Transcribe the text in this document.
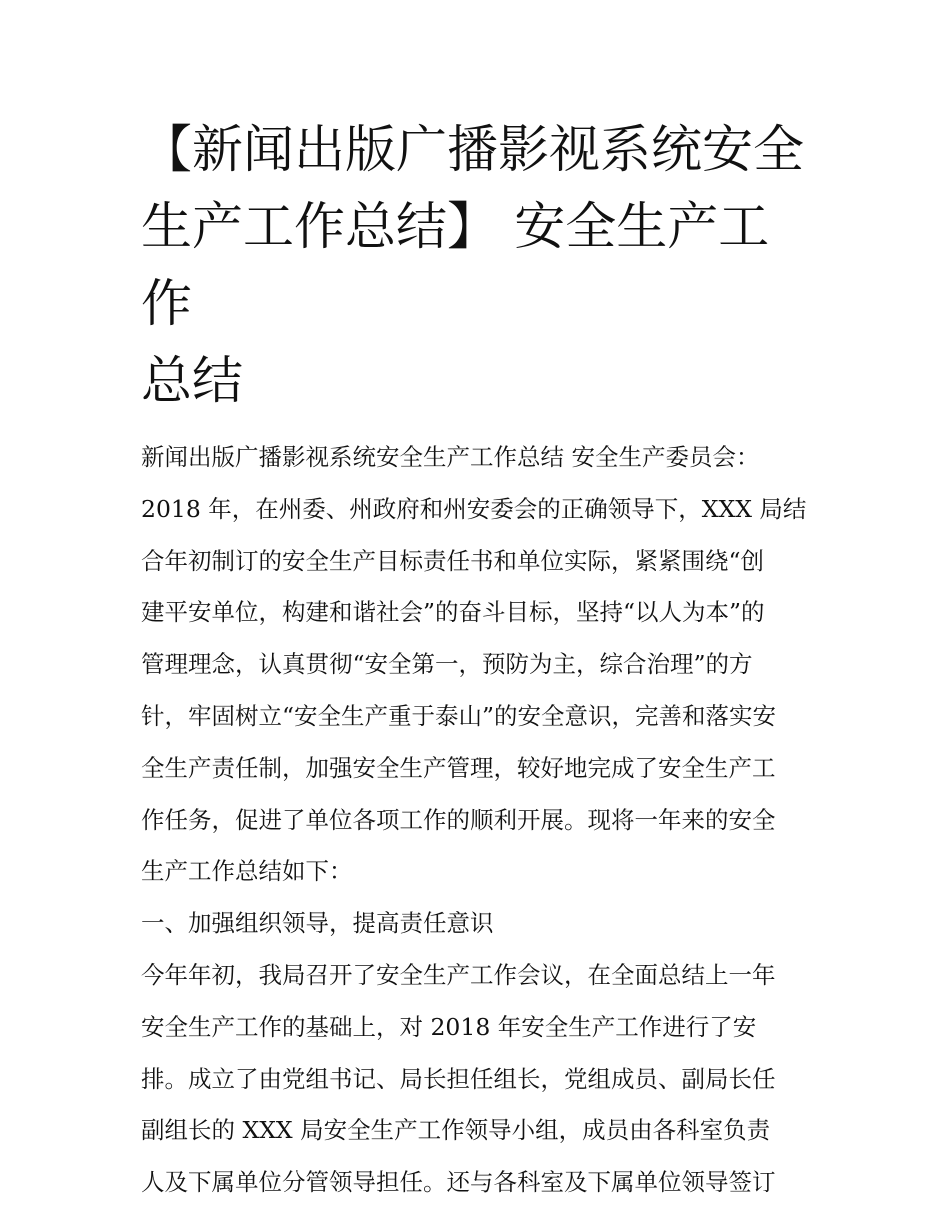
【新闻出版广播影视系统安全
生产工作总结】 安全生产工作
总结
新闻出版广播影视系统安全生产工作总结 安全生产委员会：
2018 年，在州委、州政府和州安委会的正确领导下，XXX 局结
合年初制订的安全生产目标责任书和单位实际，紧紧围绕“创
建平安单位，构建和谐社会”的奋斗目标，坚持“以人为本”的
管理理念，认真贯彻“安全第一，预防为主，综合治理”的方
针，牢固树立“安全生产重于泰山”的安全意识，完善和落实安
全生产责任制，加强安全生产管理，较好地完成了安全生产工
作任务，促进了单位各项工作的顺利开展。现将一年来的安全
生产工作总结如下：
一、加强组织领导，提高责任意识
今年年初，我局召开了安全生产工作会议，在全面总结上一年
安全生产工作的基础上，对 2018 年安全生产工作进行了安
排。成立了由党组书记、局长担任组长，党组成员、副局长任
副组长的 XXX 局安全生产工作领导小组，成员由各科室负责
人及下属单位分管领导担任。还与各科室及下属单位领导签订
